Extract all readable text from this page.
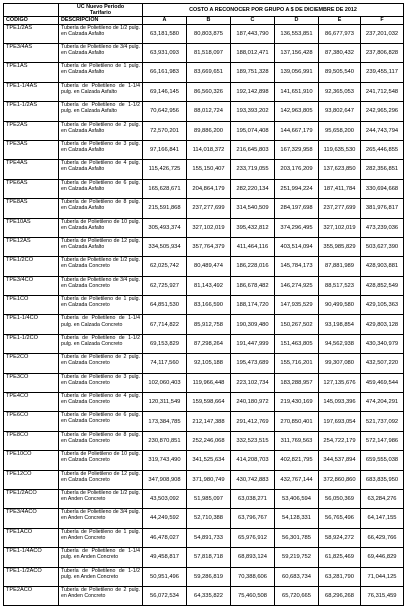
	UC Nuevo Periodo
Tarifario	COSTO A RECONOCER POR GRUPO A $ DE DICIEMBRE DE 2012					
CODIGO	DESCRIPCIÓN	A	B	C	D	E	F
TPE1/2AS	Tubería de Polietileno de 1/2 pulg. en Calzada Asfalto	63,181,580	80,803,875	187,443,790	136,553,851	86,677,973	237,201,032
TPE3/4AS	Tubería de Polietileno de 3/4 pulg. en Calzada Asfalto	63,931,093	81,518,097	188,012,471	137,156,428	87,380,432	237,806,828
TPE1AS	Tubería de Polietileno de 1 pulg. en Calzada Asfalto	66,161,983	83,669,651	189,751,328	139,056,991	89,505,540	239,455,117
TPE1-1/4AS	Tubería de Polietileno de 1-1/4 pulg. en Calzada Asfalto	69,146,145	86,560,326	192,142,898	141,651,910	92,365,053	241,712,548
TPE1-1/2AS	Tubería de Polietileno de 1-1/2 pulg. en Calzada Asfalto	70,642,956	88,012,724	193,393,202	142,963,805	93,802,647	242,965,296
TPE2AS	Tubería de Polietileno de 2 pulg. en Calzada Asfalto	72,570,201	89,886,200	195,074,408	144,667,179	95,658,200	244,743,794
TPE3AS	Tubería de Polietileno de 3 pulg. en Calzada Asfalto	97,166,841	114,018,372	216,645,803	167,329,958	119,635,530	265,446,855
TPE4AS	Tubería de Polietileno de 4 pulg. en Calzada Asfalto	115,426,725	155,150,407	233,719,055	203,176,209	137,623,850	282,356,851
TPE6AS	Tubería de Polietileno de 6 pulg. en Calzada Asfalto	165,628,671	204,864,179	282,220,134	251,994,224	187,411,784	330,694,668
TPE8AS	Tubería de Polietileno de 8 pulg. en Calzada Asfalto	215,591,868	237,277,699	314,540,509	284,197,698	237,277,699	381,976,817
TPE10AS	Tubería de Polietileno de 10 pulg. en Calzada Asfalto	305,493,374	327,102,019	395,432,812	374,296,495	327,102,019	473,239,036
TPE12AS	Tubería de Polietileno de 12 pulg. en Calzada Asfalto	334,505,934	357,764,379	411,464,116	403,514,094	355,985,829	503,627,390
TPE1/2CO	Tubería de Polietileno de 1/2 pulg. en Calzada Concreto	62,025,742	80,489,474	186,228,016	145,784,173	87,881,989	428,903,881
TPE3/4CO	Tubería de Polietileno de 3/4 pulg. en Calzada Concreto	62,725,927	81,143,492	186,678,482	146,274,925	88,517,523	428,852,549
TPE1CO	Tubería de Polietileno de 1 pulg. en Calzada Concreto	64,851,530	83,166,590	188,174,720	147,935,529	90,499,580	429,105,363
TPE1-1/4CO	Tubería de Polietileno de 1-1/4 pulg. en Calzada Concreto	67,714,822	85,912,758	190,309,480	150,267,502	93,198,854	429,803,128
TPE1-1/2CO	Tubería de Polietileno de 1-1/2 pulg. en Calzada Concreto	69,153,829	87,298,264	191,447,999	151,463,805	94,562,938	430,340,979
TPE2CO	Tubería de Polietileno de 2 pulg. en Calzada Concreto	74,117,560	92,105,188	195,473,689	155,716,201	99,307,080	432,507,220
TPE3CO	Tubería de Polietileno de 3 pulg. en Calzada Concreto	102,060,403	119,966,448	223,102,734	183,288,957	127,135,676	459,469,544
TPE4CO	Tubería de Polietileno de 4 pulg. en Calzada Concreto	120,311,549	159,598,664	240,180,972	219,430,169	145,093,396	474,204,291
TPE6CO	Tubería de Polietileno de 6 pulg. en Calzada Concreto	173,384,785	212,147,388	291,412,769	270,850,401	197,693,054	521,737,092
TPE8CO	Tubería de Polietileno de 8 pulg. en Calzada Concreto	230,870,851	252,246,068	332,523,515	311,769,563	254,722,179	572,147,986
TPE10CO	Tubería de Polietileno de 10 pulg. en Calzada Concreto	319,743,490	341,525,634	414,208,703	402,821,795	344,537,894	659,555,038
TPE12CO	Tubería de Polietileno de 12 pulg. en Calzada Concreto	347,908,908	371,980,749	430,742,883	432,767,144	372,860,860	683,835,950
TPE1/2ACO	Tubería de Polietileno de 1/2 pulg. en Anden Concreto	43,503,092	51,985,097	63,038,271	53,406,594	56,050,369	63,284,276
TPE3/4ACO	Tubería de Polietileno de 3/4 pulg. en Anden Concreto	44,249,592	52,710,388	63,796,767	54,128,331	56,765,496	64,147,155
TPE1ACO	Tubería de Polietileno de 1 pulg. en Anden Concreto	46,478,027	54,891,733	65,976,912	56,301,785	58,924,272	66,429,766
TPE1-1/4ACO	Tubería de Polietileno de 1-1/4 pulg. en Anden Concreto	49,458,817	57,818,718	68,893,124	59,219,752	61,825,469	69,446,829
TPE1-1/2ACO	Tubería de Polietileno de 1-1/2 pulg. en Anden Concreto	50,951,496	59,286,819	70,388,606	60,683,734	63,281,790	71,044,125
TPE2ACO	Tubería de Polietileno de 2 pulg. en Anden Concreto	56,072,534	64,335,822	75,460,508	65,720,665	68,296,268	76,315,459
